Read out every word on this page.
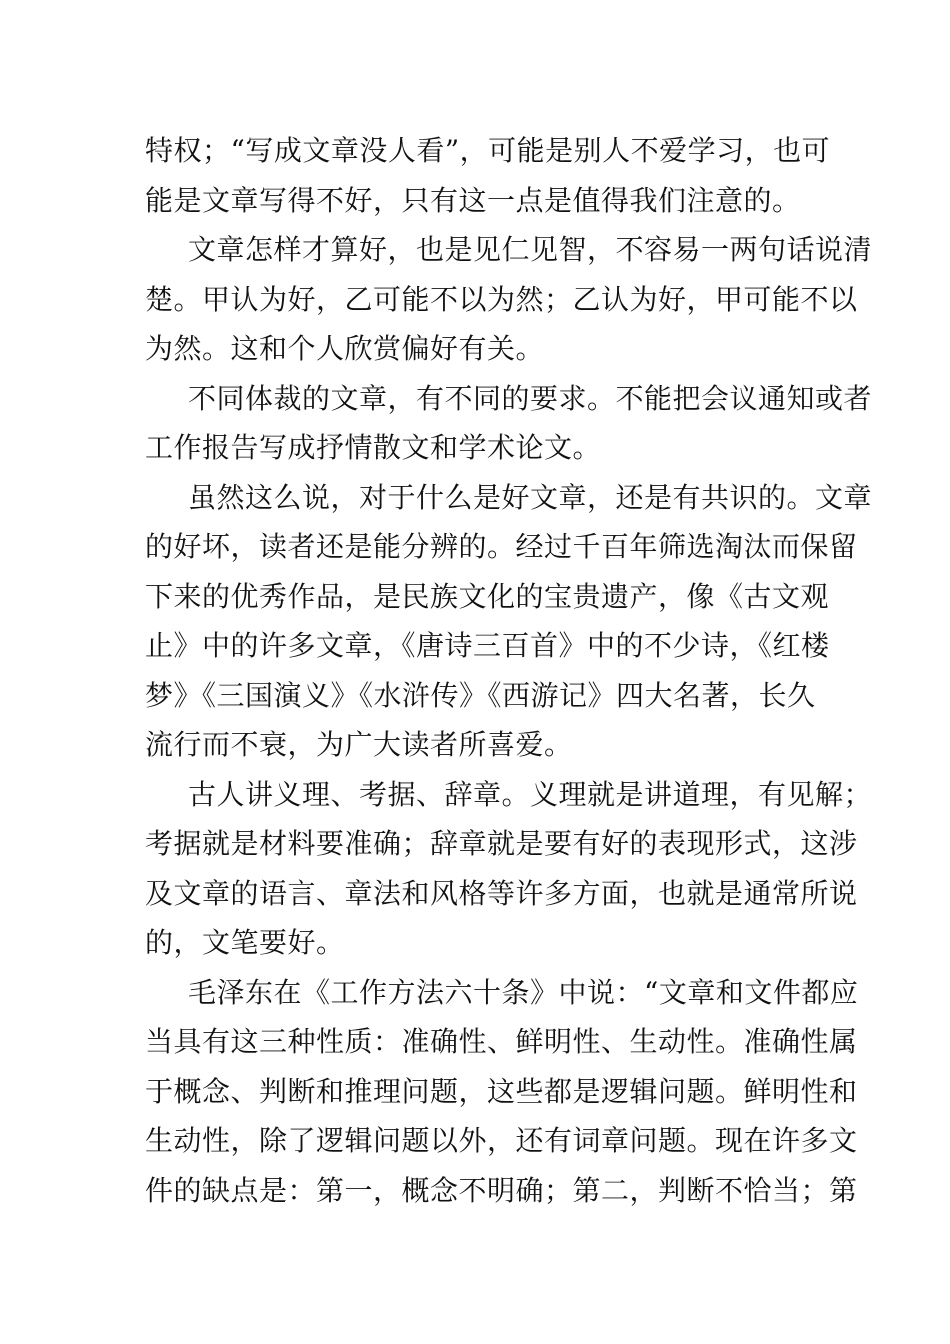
特权；“写成文章没人看”，可能是别人不爱学习，也可
能是文章写得不好，只有这一点是值得我们注意的。
文章怎样才算好，也是见仁见智，不容易一两句话说清
楚。甲认为好，乙可能不以为然；乙认为好，甲可能不以
为然。这和个人欣赏偏好有关。
不同体裁的文章，有不同的要求。不能把会议通知或者
工作报告写成抒情散文和学术论文。
虽然这么说，对于什么是好文章，还是有共识的。文章
的好坏，读者还是能分辨的。经过千百年筛选淘汰而保留
下来的优秀作品，是民族文化的宝贵遗产，像《古文观
止》中的许多文章，《唐诗三百首》中的不少诗，《红楼
梦》《三国演义》《水浒传》《西游记》四大名著，长久
流行而不衰，为广大读者所喜爱。
古人讲义理、考据、辞章。义理就是讲道理，有见解；
考据就是材料要准确；辞章就是要有好的表现形式，这涉
及文章的语言、章法和风格等许多方面，也就是通常所说
的，文笔要好。
毛泽东在《工作方法六十条》中说：“文章和文件都应
当具有这三种性质：准确性、鲜明性、生动性。准确性属
于概念、判断和推理问题，这些都是逻辑问题。鲜明性和
生动性，除了逻辑问题以外，还有词章问题。现在许多文
件的缺点是：第一，概念不明确；第二，判断不恰当；第
